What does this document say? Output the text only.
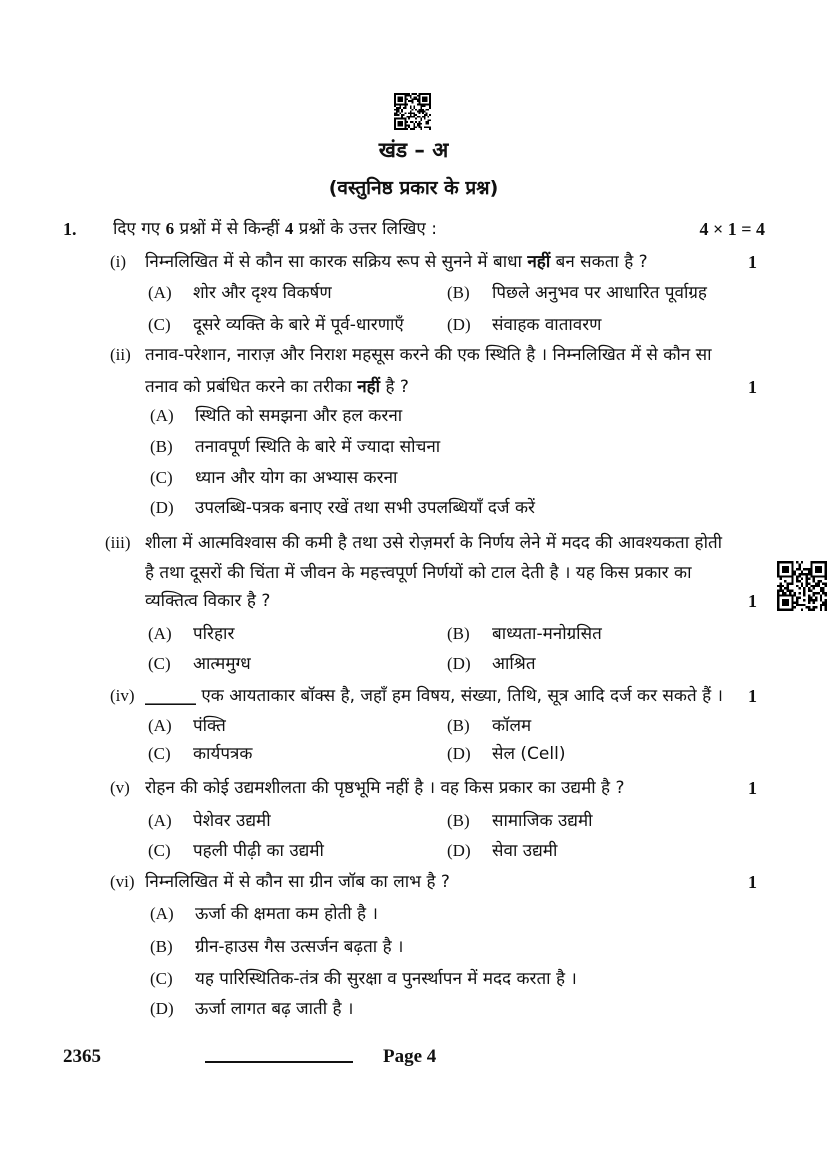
खंड – अ
(वस्तुनिष्ठ प्रकार के प्रश्न)
1. दिए गए 6 प्रश्नों में से किन्हीं 4 प्रश्नों के उत्तर लिखिए :	4 × 1 = 4
(i) निम्नलिखित में से कौन सा कारक सक्रिय रूप से सुनने में बाधा नहीं बन सकता है ?	1
(A) शोर और दृश्य विकर्षण	(B) पिछले अनुभव पर आधारित पूर्वाग्रह
(C) दूसरे व्यक्ति के बारे में पूर्व-धारणाएँ	(D) संवाहक वातावरण
(ii) तनाव-परेशान, नाराज़ और निराश महसूस करने की एक स्थिति है । निम्नलिखित में से कौन सा
तनाव को प्रबंधित करने का तरीका नहीं है ?	1
(A) स्थिति को समझना और हल करना
(B) तनावपूर्ण स्थिति के बारे में ज्यादा सोचना
(C) ध्यान और योग का अभ्यास करना
(D) उपलब्धि-पत्रक बनाए रखें तथा सभी उपलब्धियाँ दर्ज करें
(iii) शीला में आत्मविश्वास की कमी है तथा उसे रोज़मर्रा के निर्णय लेने में मदद की आवश्यकता होती
है तथा दूसरों की चिंता में जीवन के महत्त्वपूर्ण निर्णयों को टाल देती है । यह किस प्रकार का
व्यक्तित्व विकार है ?	1
(A) परिहार	(B) बाध्यता-मनोग्रसित
(C) आत्ममुग्ध	(D) आश्रित
(iv) ______ एक आयताकार बॉक्स है, जहाँ हम विषय, संख्या, तिथि, सूत्र आदि दर्ज कर सकते हैं । 1
(A) पंक्ति	(B) कॉलम
(C) कार्यपत्रक	(D) सेल (Cell)
(v) रोहन की कोई उद्यमशीलता की पृष्ठभूमि नहीं है । वह किस प्रकार का उद्यमी है ?	1
(A) पेशेवर उद्यमी	(B) सामाजिक उद्यमी
(C) पहली पीढ़ी का उद्यमी	(D) सेवा उद्यमी
(vi) निम्नलिखित में से कौन सा ग्रीन जॉब का लाभ है ?	1
(A) ऊर्जा की क्षमता कम होती है ।
(B) ग्रीन-हाउस गैस उत्सर्जन बढ़ता है ।
(C) यह पारिस्थितिक-तंत्र की सुरक्षा व पुनर्स्थापन में मदद करता है ।
(D) ऊर्जा लागत बढ़ जाती है ।
2365	Page 4
